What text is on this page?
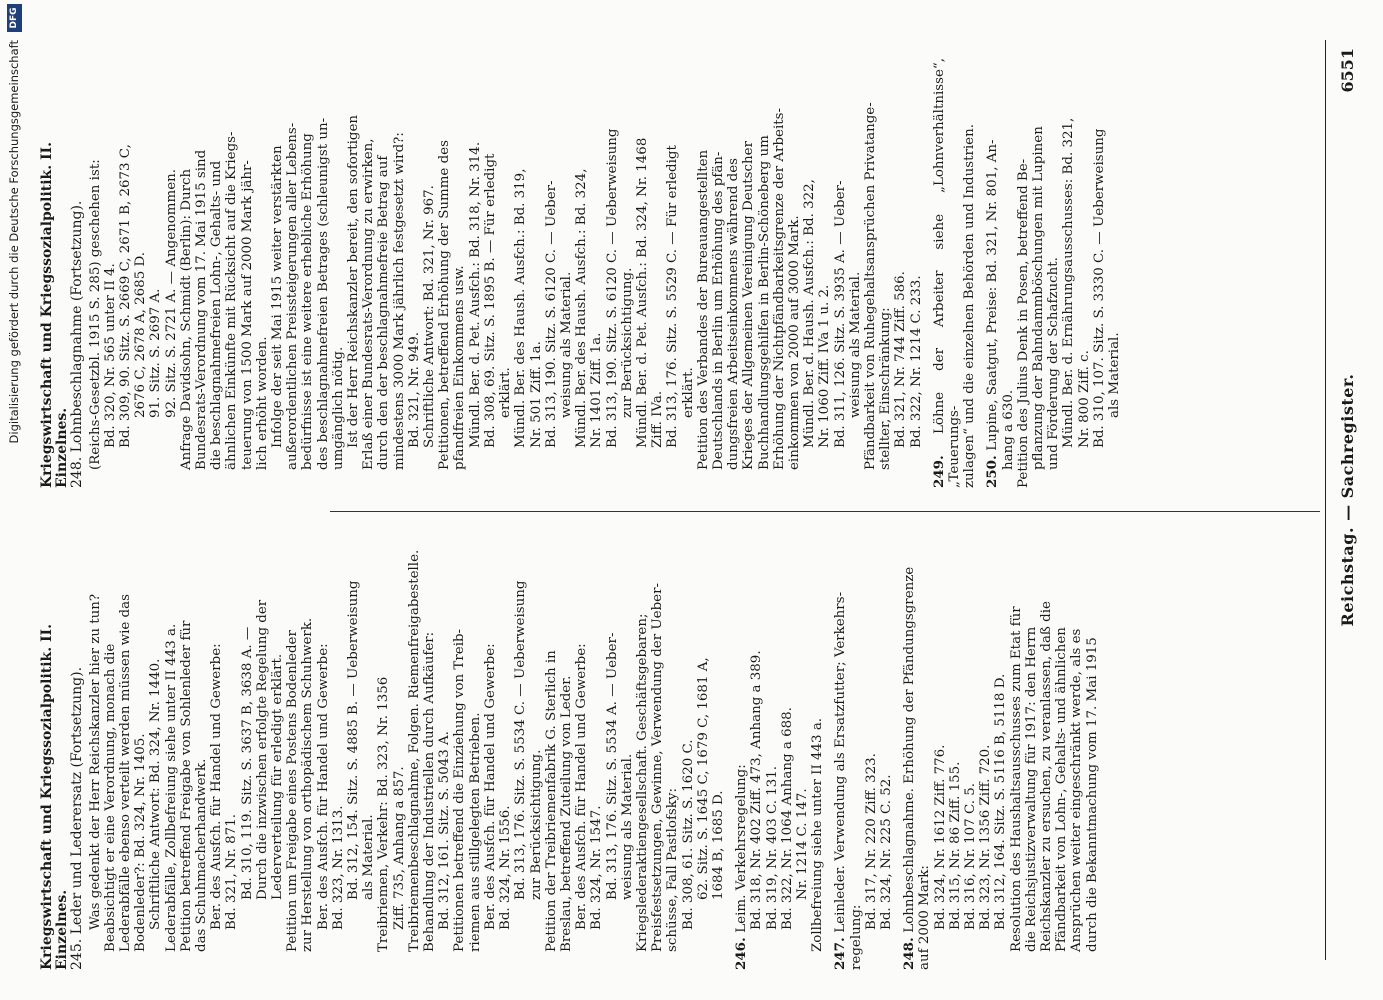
Reichstag. — Sachregister.
6551
Kriegswirtschaft und Kriegssozialpolitik. II. Einzelnes. 245. Leder und Lederersatz (Fortsetzung). Was gedenkt der Herr Reichskanzler hier zu tun? Beabsichtigt er eine Verordnung, monach die Lederabfälle ebenso verteilt werden müssen wie das Bodenleder?: Bd. 324, Nr. 1405. Schriftliche Antwort: Bd. 324, Nr. 1440. Lederabfälle, Zollbefreiung siehe unter II 443 a. Petition betreffend Freigabe von Sohlenleder für das Schuhmacherhandwerk. Ber. des Ausfch. für Handel und Gewerbe: Bd. 321, Nr. 871. Bd. 310, 119. Sitz. S. 3637 B, 3638 A. — Durch die inzwischen erfolgte Regelung der Lederverteilung für erledigt erklärt. Petition um Freigabe eines Postens Bodenleder zur Herstellung von orthopädischem Schuhwerk. Ber. des Ausfch. für Handel und Gewerbe: Bd. 323, Nr. 1313. Bd. 312, 154. Sitz. S. 4885 B. — Ueberweisung als Material. Treibriemen, Verkehr: Bd. 323, Nr. 1356 Ziff. 735, Anhang a 857. Treibriemenbeschlagnahme, Folgen. Riemenfreigabestelle. Behandlung der Industriellen durch Aufkäufer: Bd. 312, 161. Sitz. S. 5043 A. Petitionen betreffend die Einziehung von Treib- riemen aus stillgelegten Betrieben. Ber. des Ausfch. für Handel und Gewerbe: Bd. 324, Nr. 1556. Bd. 313, 176. Sitz. S. 5534 C. — Ueberweisung zur Berücksichtigung. Petition der Treibriemenfabrik G. Sterlich in Breslau, betreffend Zuteilung von Leder. Ber. des Ausfch. für Handel und Gewerbe: Bd. 324, Nr. 1547. Bd. 313, 176. Sitz. S. 5534 A. — Ueber- weisung als Material. Kriegslederaktiengesellschaft. Geschäftsgebaren; Preisfestsetzungen, Gewinne, Verwendung der Ueber- schüsse, Fall Pastlofsky: Bd. 308, 61. Sitz. S. 1620 C. 62. Sitz. S. 1645 C, 1679 C, 1681 A, 1684 B, 1685 D.
246. Leim. Verkehrsregelung: Bd. 318, Nr. 402 Ziff. 473, Anhang a 389. Bd. 319, Nr. 403 C. 131. Bd. 322, Nr. 1064 Anhang a 688. Nr. 1214 C. 147. Zollbefreiung siehe unter II 443 a. 247. Leinleder. Verwendung als Ersatzfutter; Verkehrs-
regelung:
Bd. 317, Nr. 220 Ziff. 323. Bd. 324, Nr. 225 C. 52.
248. Lohnbeschlagnahme. Erhöhung der Pfändungsgrenze auf 2000 Mark: Bd. 324, Nr. 1612 Ziff. 776. Bd. 315, Nr. 86 Ziff. 155. Bd. 316, Nr. 107 C. 5. Bd. 323, Nr. 1356 Ziff. 720. Bd. 312, 164. Sitz. S. 5116 B, 5118 D. Resolution des Haushaltsausschusses zum Etat für die Reichsjustizverwaltung für 1917: den Herrn Reichskanzler zu ersuchen, zu veranlassen, daß die Pfändbarkeit von Lohn-, Gehalts- und ähnlichen Ansprüchen weiter eingeschränkt werde, als es durch die Bekanntmachung vom 17. Mai 1915
Kriegswirtschaft und Kriegssozialpolitik. II. Einzelnes. 248. Lohnbeschlagnahme (Fortsetzung). (Reichs-Gesetzbl. 1915 S. 285) geschehen ist: Bd. 320, Nr. 565 unter II 4. Bd. 309, 90. Sitz. S. 2669 C, 2671 B, 2673 C, 2676 C, 2678 A, 2685 D. 91. Sitz. S. 2697 A. 92. Sitz. S. 2721 A. — Angenommen. Anfrage Davidsohn, Schmidt (Berlin): Durch Bundesrats-Verordnung vom 17. Mai 1915 sind die beschlagnahmefreien Lohn-, Gehalts- und ähnlichen Einkünfte mit Rücksicht auf die Kriegs- teuerung von 1500 Mark auf 2000 Mark jähr- lich erhöht worden. Infolge der seit Mai 1915 weiter verstärkten außerordentlichen Preissteigerungen aller Lebens- bedürfnisse ist eine weitere erhebliche Erhöhung des beschlagnahmefreien Betrages (schleunigst un- umgänglich nötig. Ist der Herr Reichskanzler bereit, den sofortigen Erlaß einer Bundesrats-Verordnung zu erwirken, durch den der beschlagnahmefreie Betrag auf mindestens 3000 Mark jährlich festgesetzt wird?: Bd. 321, Nr. 949. Schriftliche Antwort: Bd. 321, Nr. 967. Petitionen, betreffend Erhöhung der Summe des pfandfreien Einkommens usw. Mündl. Ber. d. Pet. Ausfch.: Bd. 318, Nr. 314. Bd. 308, 69. Sitz. S. 1895 B. — Für erledigt erklärt. Mündl. Ber. des Haush. Ausfch.: Bd. 319, Nr. 501 Ziff. 1a. Bd. 313, 190. Sitz. S. 6120 C. — Ueber- weisung als Material. Mündl. Ber. des Haush. Ausfch.: Bd. 324, Nr. 1401 Ziff. 1a. Bd. 313, 190. Sitz. S. 6120 C. — Ueberweisung zur Berücksichtigung. Mündl. Ber. d. Pet. Ausfch.: Bd. 324, Nr. 1468 Ziff. IVa. Bd. 313, 176. Sitz. S. 5529 C. — Für erledigt erklärt. Petition des Verbandes der Bureauangestellten Deutschlands in Berlin um Erhöhung des pfän- dungsfreien Arbeitseinkommens während des Krieges der Allgemeinen Vereinigung Deutscher Buchhandlungsgehilfen in Berlin-Schöneberg um Erhöhung der Nichtpfändbarkeitsgrenze der Arbeits- einkommen von 2000 auf 3000 Mark. Mündl. Ber. d. Haush. Ausfch.: Bd. 322, Nr. 1060 Ziff. IVa 1 u. 2. Bd. 311, 126. Sitz. S. 3935 A. — Ueber- weisung als Material. Pfändbarkeit von Ruhegehaltsansprüchen Privatange- stellter, Einschränkung: Bd. 321, Nr. 744 Ziff. 586. Bd. 322, Nr. 1214 C. 233.
249. Löhne der Arbeiter siehe „Lohnverhältnisse“, „Teuerungs- zulagen“ und die einzelnen Behörden und Industrien. 250. Lupine, Saatgut, Preise: Bd. 321, Nr. 801, An- hang a 630. Petition des Julius Denk in Posen, betreffend Be- pflanzung der Bahndammböschungen mit Lupinen und Förderung der Schafzucht. Mündl. Ber. d. Ernährungsausschusses: Bd. 321, Nr. 800 Ziff. c. Bd. 310, 107. Sitz. S. 3330 C. — Ueberweisung als Material.
Digitalisierung gefördert durch die Deutsche Forschungsgemeinschaft
DFG
